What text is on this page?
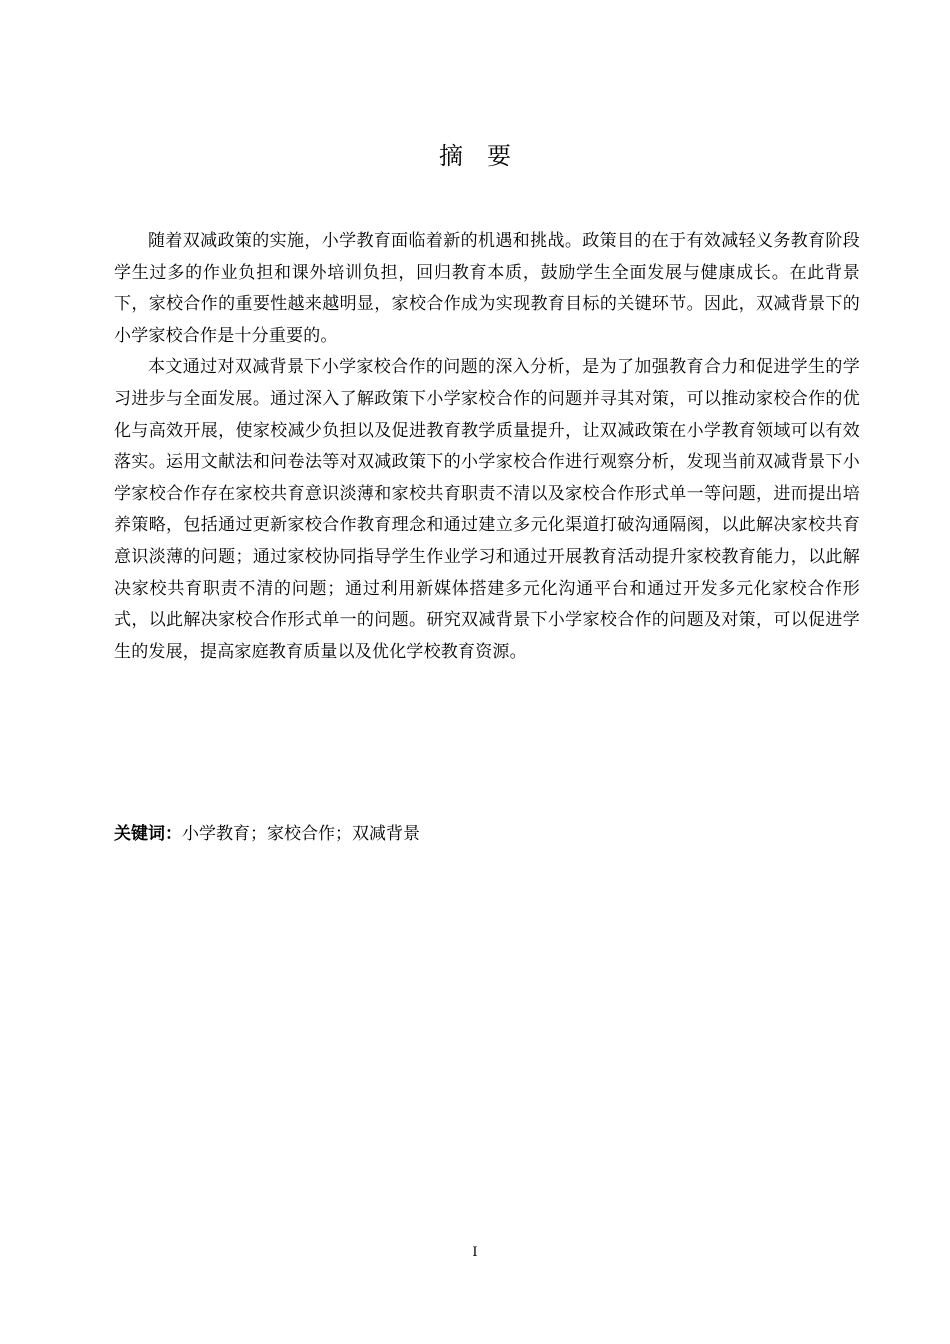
摘要

随着双减政策的实施，小学教育面临着新的机遇和挑战。政策目的在于有效减轻义务教育阶段学生过多的作业负担和课外培训负担，回归教育本质，鼓励学生全面发展与健康成长。在此背景下，家校合作的重要性越来越明显，家校合作成为实现教育目标的关键环节。因此，双减背景下的小学家校合作是十分重要的。

本文通过对双减背景下小学家校合作的问题的深入分析，是为了加强教育合力和促进学生的学习进步与全面发展。通过深入了解政策下小学家校合作的问题并寻其对策，可以推动家校合作的优化与高效开展，使家校减少负担以及促进教育教学质量提升，让双减政策在小学教育领域可以有效落实。运用文献法和问卷法等对双减政策下的小学家校合作进行观察分析，发现当前双减背景下小学家校合作存在家校共育意识淡薄和家校共育职责不清以及家校合作形式单一等问题，进而提出培养策略，包括通过更新家校合作教育理念和通过建立多元化渠道打破沟通隔阂，以此解决家校共育意识淡薄的问题；通过家校协同指导学生作业学习和通过开展教育活动提升家校教育能力，以此解决家校共育职责不清的问题；通过利用新媒体搭建多元化沟通平台和通过开发多元化家校合作形式，以此解决家校合作形式单一的问题。研究双减背景下小学家校合作的问题及对策，可以促进学生的发展，提高家庭教育质量以及优化学校教育资源。

关键词：小学教育；家校合作；双减背景
I
